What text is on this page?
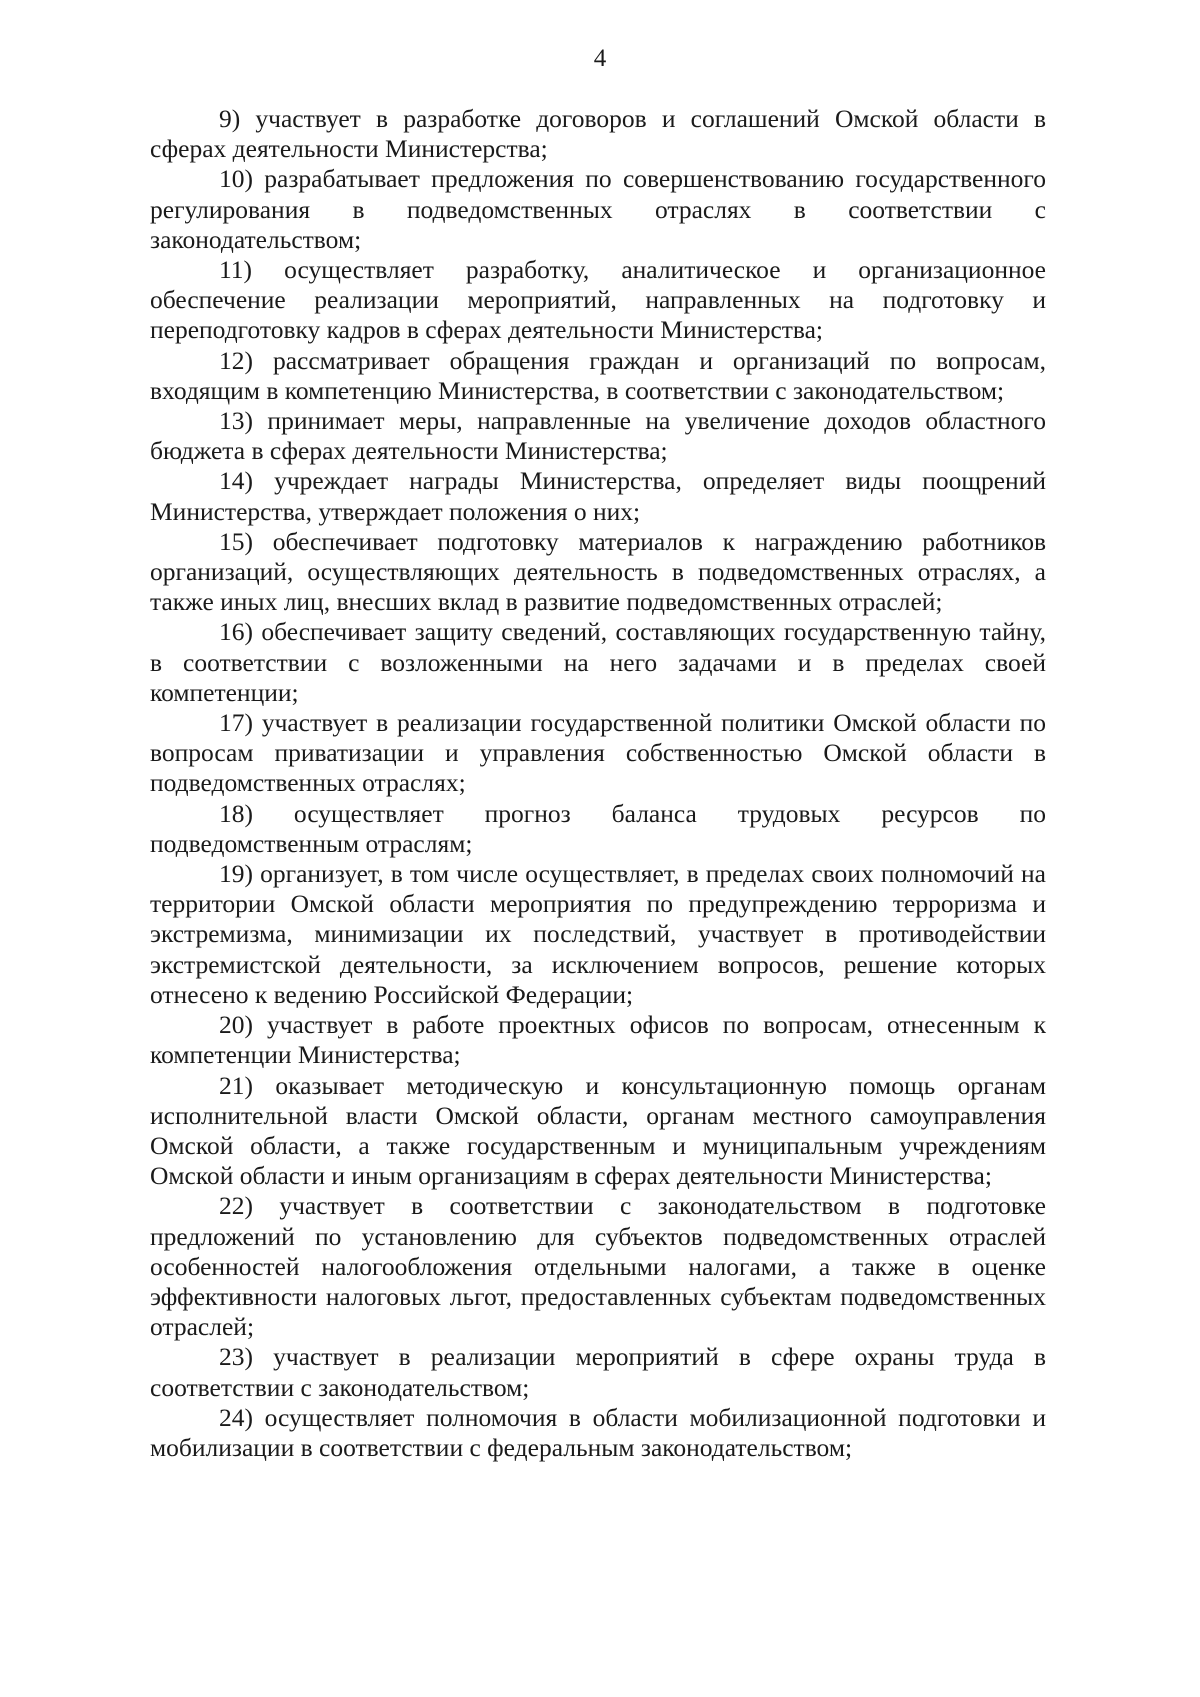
4

9) участвует в разработке договоров и соглашений Омской области в сферах деятельности Министерства;

10) разрабатывает предложения по совершенствованию государственного регулирования в подведомственных отраслях в соответствии с законодательством;

11) осуществляет разработку, аналитическое и организационное обеспечение реализации мероприятий, направленных на подготовку и переподготовку кадров в сферах деятельности Министерства;

12) рассматривает обращения граждан и организаций по вопросам, входящим в компетенцию Министерства, в соответствии с законодательством;

13) принимает меры, направленные на увеличение доходов областного бюджета в сферах деятельности Министерства;

14) учреждает награды Министерства, определяет виды поощрений Министерства, утверждает положения о них;

15) обеспечивает подготовку материалов к награждению работников организаций, осуществляющих деятельность в подведомственных отраслях, а также иных лиц, внесших вклад в развитие подведомственных отраслей;

16) обеспечивает защиту сведений, составляющих государственную тайну, в соответствии с возложенными на него задачами и в пределах своей компетенции;

17) участвует в реализации государственной политики Омской области по вопросам приватизации и управления собственностью Омской области в подведомственных отраслях;

18) осуществляет прогноз баланса трудовых ресурсов по подведомственным отраслям;

19) организует, в том числе осуществляет, в пределах своих полномочий на территории Омской области мероприятия по предупреждению терроризма и экстремизма, минимизации их последствий, участвует в противодействии экстремистской деятельности, за исключением вопросов, решение которых отнесено к ведению Российской Федерации;

20) участвует в работе проектных офисов по вопросам, отнесенным к компетенции Министерства;

21) оказывает методическую и консультационную помощь органам исполнительной власти Омской области, органам местного самоуправления Омской области, а также государственным и муниципальным учреждениям Омской области и иным организациям в сферах деятельности Министерства;

22) участвует в соответствии с законодательством в подготовке предложений по установлению для субъектов подведомственных отраслей особенностей налогообложения отдельными налогами, а также в оценке эффективности налоговых льгот, предоставленных субъектам подведомственных отраслей;

23) участвует в реализации мероприятий в сфере охраны труда в соответствии с законодательством;

24) осуществляет полномочия в области мобилизационной подготовки и мобилизации в соответствии с федеральным законодательством;
